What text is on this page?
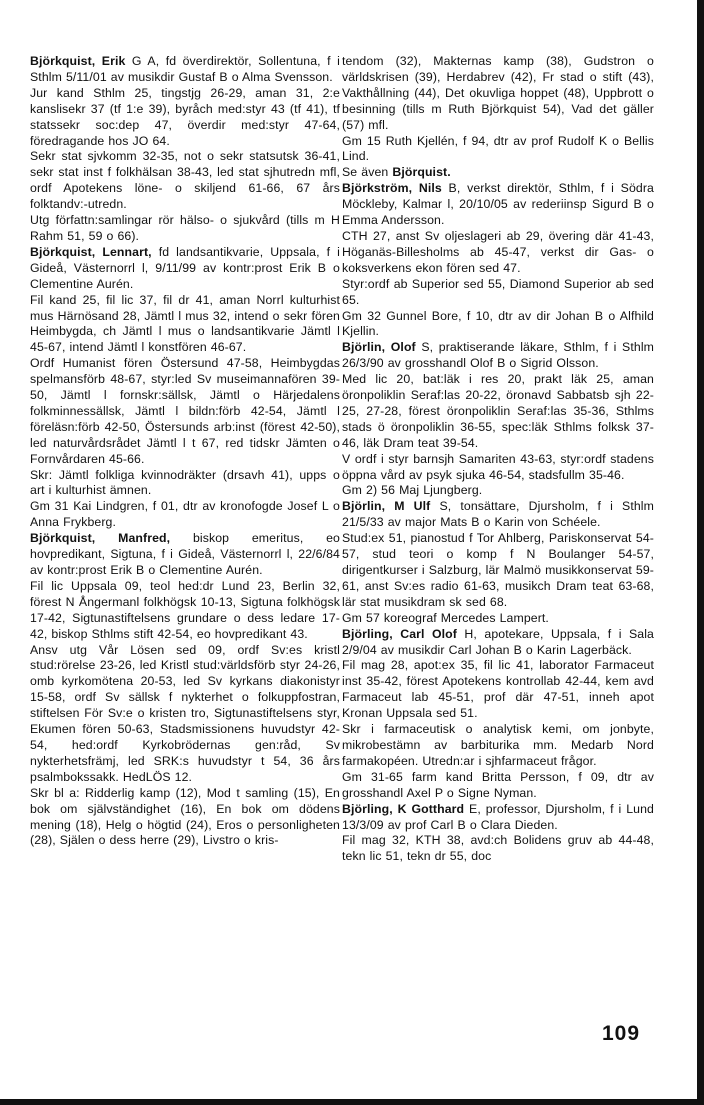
Björkquist, Erik G A, fd överdirektör, Sollentuna, f i Sthlm 5/11/01 av musikdir Gustaf B o Alma Svensson.
Jur kand Sthlm 25, tingstjg 26-29, aman 31, 2:e kanslisekr 37 (tf 1:e 39), byråch med:styr 43 (tf 41), tf statssekr soc:dep 47, överdir med:styr 47-64, föredragande hos JO 64.
Sekr stat sjvkomm 32-35, not o sekr statsutsk 36-41, sekr stat inst f folkhälsan 38-43, led stat sjhutredn mfl, ordf Apotekens löne- o skiljend 61-66, 67 års folktandv:-utredn.
Utg författn:samlingar rör hälso- o sjukvård (tills m H Rahm 51, 59 o 66).
Björkquist, Lennart, fd landsantikvarie, Uppsala, f i Gideå, Västernorrl l, 9/11/99 av kontr:prost Erik B o Clementine Aurén.
Fil kand 25, fil lic 37, fil dr 41, aman Norrl kulturhist mus Härnösand 28, Jämtl l mus 32, intend o sekr fören Heimbygda, ch Jämtl l mus o landsantikvarie Jämtl l 45-67, intend Jämtl l konstfören 46-67.
Ordf Humanist fören Östersund 47-58, Heimbygdas spelmansförb 48-67, styr:led Sv museimannafören 39-50, Jämtl l fornskr:sällsk, Jämtl o Härjedalens folkminnessällsk, Jämtl l bildn:förb 42-54, Jämtl l föreläsn:förb 42-50, Östersunds arb:inst (förest 42-50), led naturvårdsrådet Jämtl l t 67, red tidskr Jämten o Fornvårdaren 45-66.
Skr: Jämtl folkliga kvinnodräkter (drsavh 41), upps o art i kulturhist ämnen.
Gm 31 Kai Lindgren, f 01, dtr av kronofogde Josef L o Anna Frykberg.
Björkquist, Manfred, biskop emeritus, eo hovpredikant, Sigtuna, f i Gideå, Västernorrl l, 22/6/84 av kontr:prost Erik B o Clementine Aurén.
Fil lic Uppsala 09, teol hed:dr Lund 23, Berlin 32, förest N Ångermanl folkhögsk 10-13, Sigtuna folkhögsk 17-42, Sigtunastiftelsens grundare o dess ledare 17-42, biskop Sthlms stift 42-54, eo hovpredikant 43.
Ansv utg Vår Lösen sed 09, ordf Sv:es kristl stud:rörelse 23-26, led Kristl stud:världsförb styr 24-26, omb kyrkomötena 20-53, led Sv kyrkans diakonistyr 15-58, ordf Sv sällsk f nykterhet o folkuppfostran, stiftelsen För Sv:e o kristen tro, Sigtunastiftelsens styr, Ekumen fören 50-63, Stadsmissionens huvudstyr 42-54, hed:ordf Kyrkobrödernas gen:råd, Sv nykterhetsfrämj, led SRK:s huvudstyr t 54, 36 års psalmbokssakk. HedLÖS 12.
Skr bl a: Ridderlig kamp (12), Mod t samling (15), En bok om självständighet (16), En bok om dödens mening (18), Helg o högtid (24), Eros o personligheten (28), Själen o dess herre (29), Livstro o kris-
tendom (32), Makternas kamp (38), Gudstron o världskrisen (39), Herdabrev (42), Fr stad o stift (43), Vakthållning (44), Det okuvliga hoppet (48), Uppbrott o besinning (tills m Ruth Björkquist 54), Vad det gäller (57) mfl.
Gm 15 Ruth Kjellén, f 94, dtr av prof Rudolf K o Bellis Lind.
Se även Björquist.
Björkström, Nils B, verkst direktör, Sthlm, f i Södra Möckleby, Kalmar l, 20/10/05 av rederiinsp Sigurd B o Emma Andersson.
CTH 27, anst Sv oljeslageri ab 29, övering där 41-43, Höganäs-Billesholms ab 45-47, verkst dir Gas- o koksverkens ekon fören sed 47.
Styr:ordf ab Superior sed 55, Diamond Superior ab sed 65.
Gm 32 Gunnel Bore, f 10, dtr av dir Johan B o Alfhild Kjellin.
Björlin, Olof S, praktiserande läkare, Sthlm, f i Sthlm 26/3/90 av grosshandl Olof B o Sigrid Olsson.
Med lic 20, bat:läk i res 20, prakt läk 25, aman öronpoliklin Seraf:las 20-22, öronavd Sabbatsb sjh 22-25, 27-28, förest öronpoliklin Seraf:las 35-36, Sthlms stads ö öronpoliklin 36-55, spec:läk Sthlms folksk 37-46, läk Dram teat 39-54.
V ordf i styr barnsjh Samariten 43-63, styr:ordf stadens öppna vård av psyk sjuka 46-54, stadsfullm 35-46.
Gm 2) 56 Maj Ljungberg.
Björlin, M Ulf S, tonsättare, Djursholm, f i Sthlm 21/5/33 av major Mats B o Karin von Schéele.
Stud:ex 51, pianostud f Tor Ahlberg, Pariskonservat 54-57, stud teori o komp f N Boulanger 54-57, dirigentkurser i Salzburg, lär Malmö musikkonservat 59-61, anst Sv:es radio 61-63, musikch Dram teat 63-68, lär stat musikdram sk sed 68.
Gm 57 koreograf Mercedes Lampert.
Björling, Carl Olof H, apotekare, Uppsala, f i Sala 2/9/04 av musikdir Carl Johan B o Karin Lagerbäck.
Fil mag 28, apot:ex 35, fil lic 41, laborator Farmaceut inst 35-42, förest Apotekens kontrollab 42-44, kem avd Farmaceut lab 45-51, prof där 47-51, inneh apot Kronan Uppsala sed 51.
Skr i farmaceutisk o analytisk kemi, om jonbyte, mikrobestämn av barbiturika mm. Medarb Nord farmakopéen. Utredn:ar i sjhfarmaceut frågor.
Gm 31-65 farm kand Britta Persson, f 09, dtr av grosshandl Axel P o Signe Nyman.
Björling, K Gotthard E, professor, Djursholm, f i Lund 13/3/09 av prof Carl B o Clara Dieden.
Fil mag 32, KTH 38, avd:ch Bolidens gruv ab 44-48, tekn lic 51, tekn dr 55, doc
109
